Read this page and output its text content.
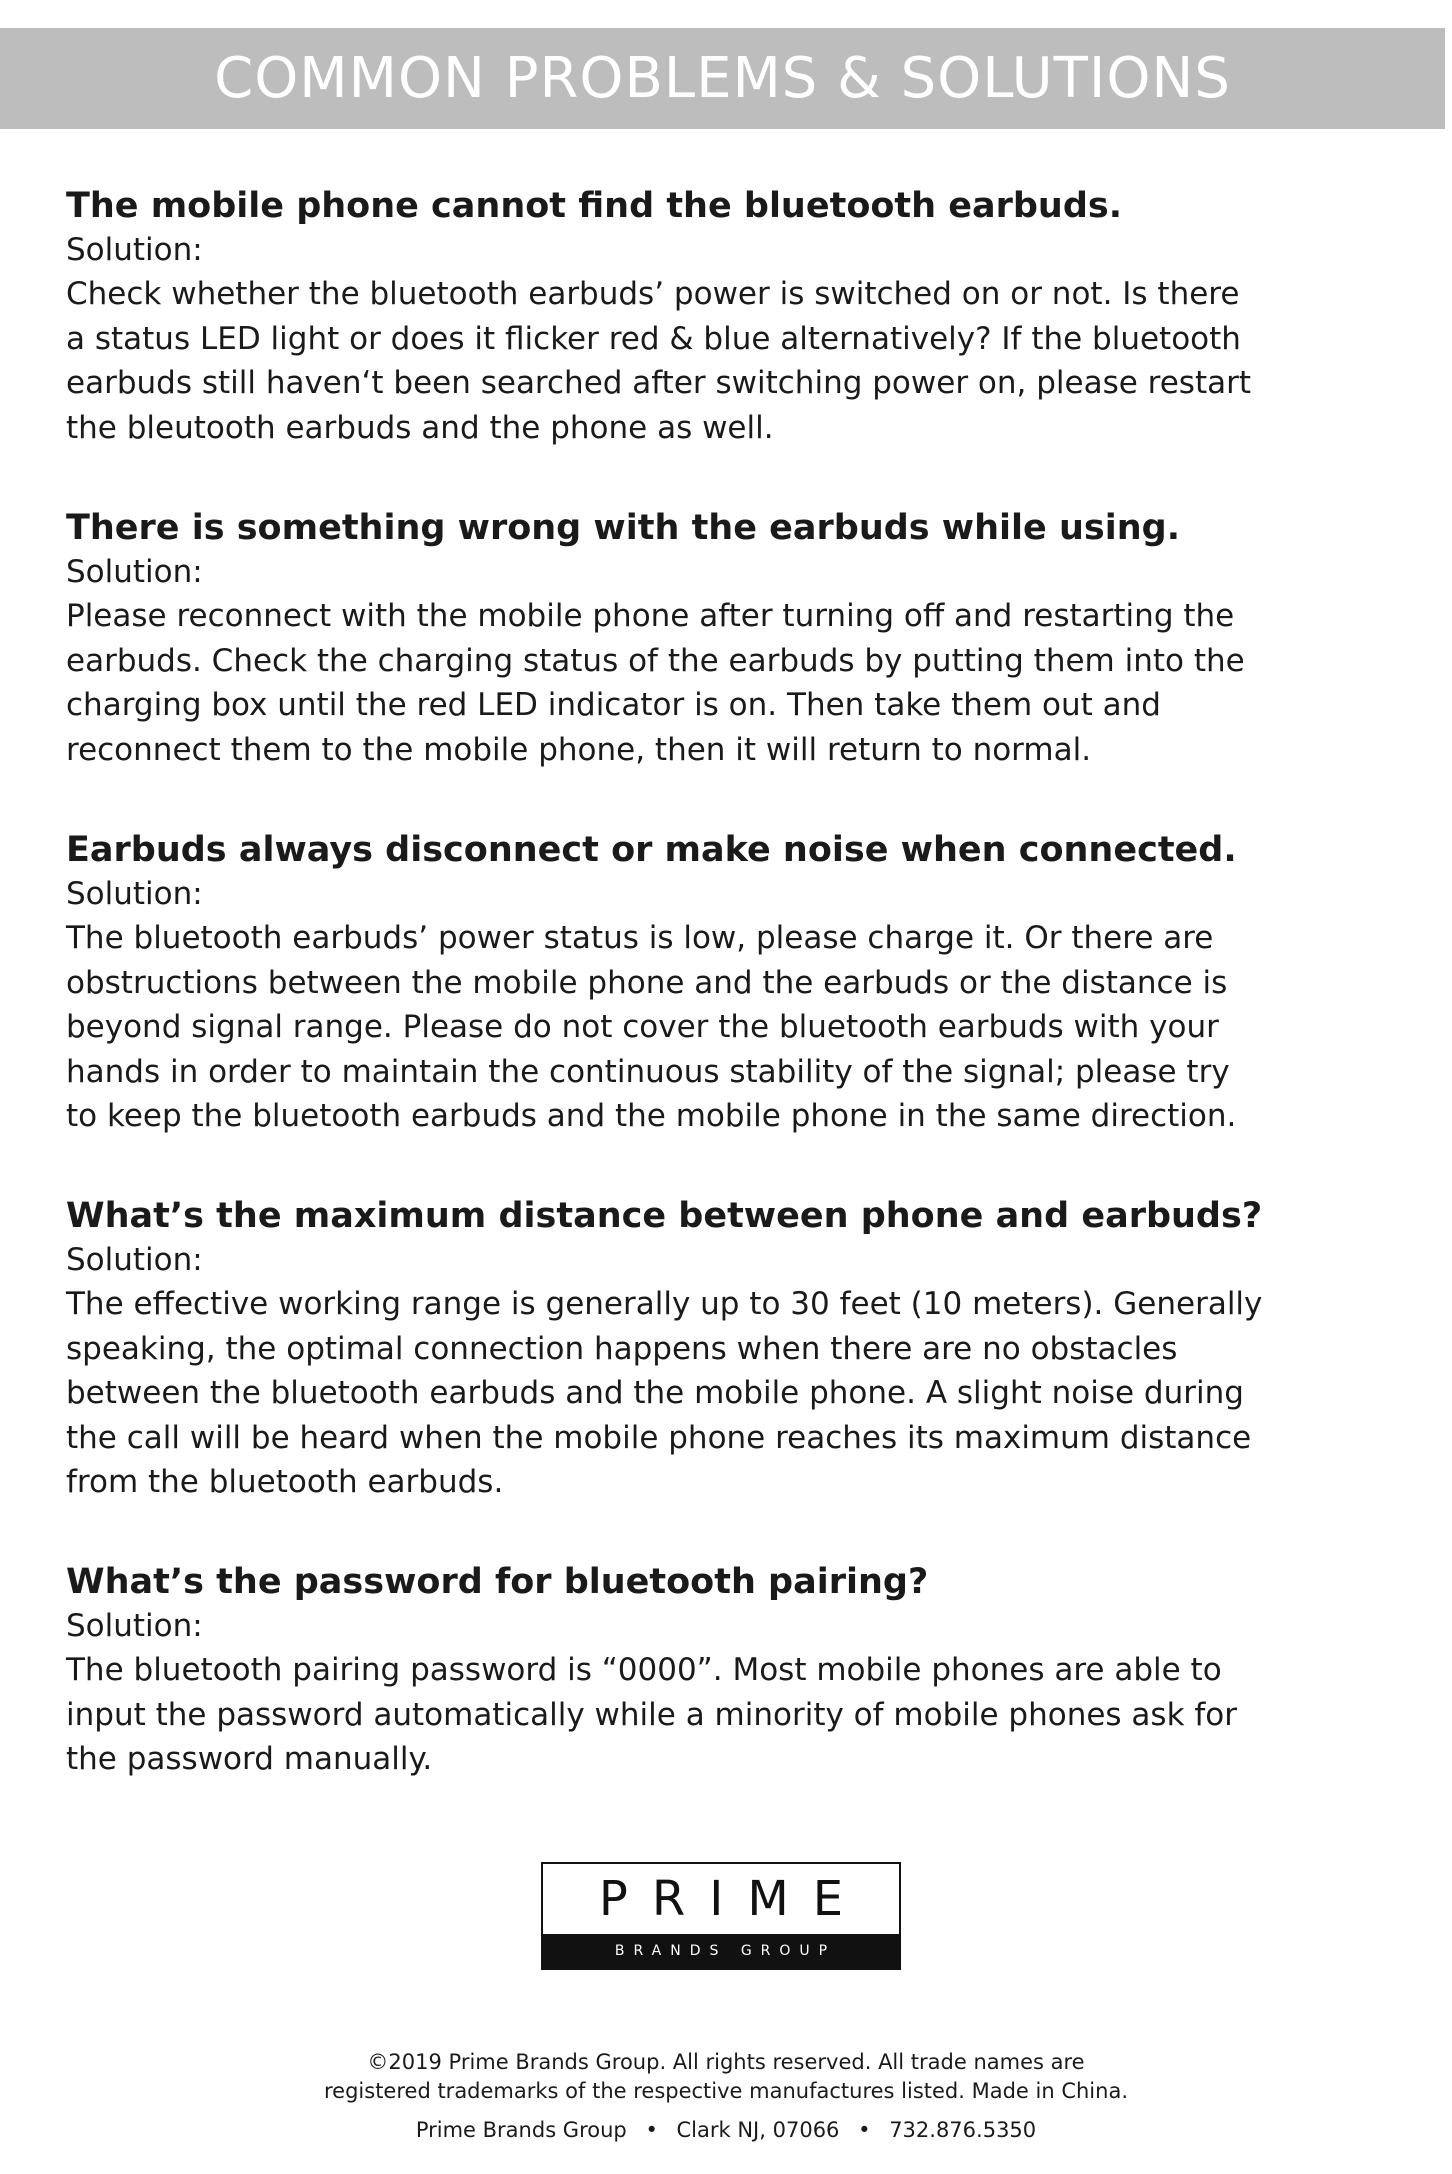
COMMON PROBLEMS & SOLUTIONS

The mobile phone cannot find the bluetooth earbuds.

Solution:

Check whether the bluetooth earbuds’ power is switched on or not. Is there
a status LED light or does it flicker red & blue alternatively? If the bluetooth
earbuds still haven‘t been searched after switching power on, please restart
the bleutooth earbuds and the phone as well.

There is something wrong with the earbuds while using.

Solution:

Please reconnect with the mobile phone after turning off and restarting the
earbuds. Check the charging status of the earbuds by putting them into the
charging box until the red LED indicator is on. Then take them out and
reconnect them to the mobile phone, then it will return to normal.

Earbuds always disconnect or make noise when connected.

Solution:

The bluetooth earbuds’ power status is low, please charge it. Or there are
obstructions between the mobile phone and the earbuds or the distance is
beyond signal range. Please do not cover the bluetooth earbuds with your
hands in order to maintain the continuous stability of the signal; please try
to keep the bluetooth earbuds and the mobile phone in the same direction.

What’s the maximum distance between phone and earbuds?

Solution:

The effective working range is generally up to 30 feet (10 meters). Generally
speaking, the optimal connection happens when there are no obstacles
between the bluetooth earbuds and the mobile phone. A slight noise during
the call will be heard when the mobile phone reaches its maximum distance
from the bluetooth earbuds.

What’s the password for bluetooth pairing?

Solution:

The bluetooth pairing password is “0000”. Most mobile phones are able to
input the password automatically while a minority of mobile phones ask for
the password manually.

PRIME
BRANDS GROUP
©2019 Prime Brands Group. All rights reserved. All trade names are
registered trademarks of the respective manufactures listed. Made in China.
Prime Brands Group • Clark NJ, 07066 • 732.876.5350
